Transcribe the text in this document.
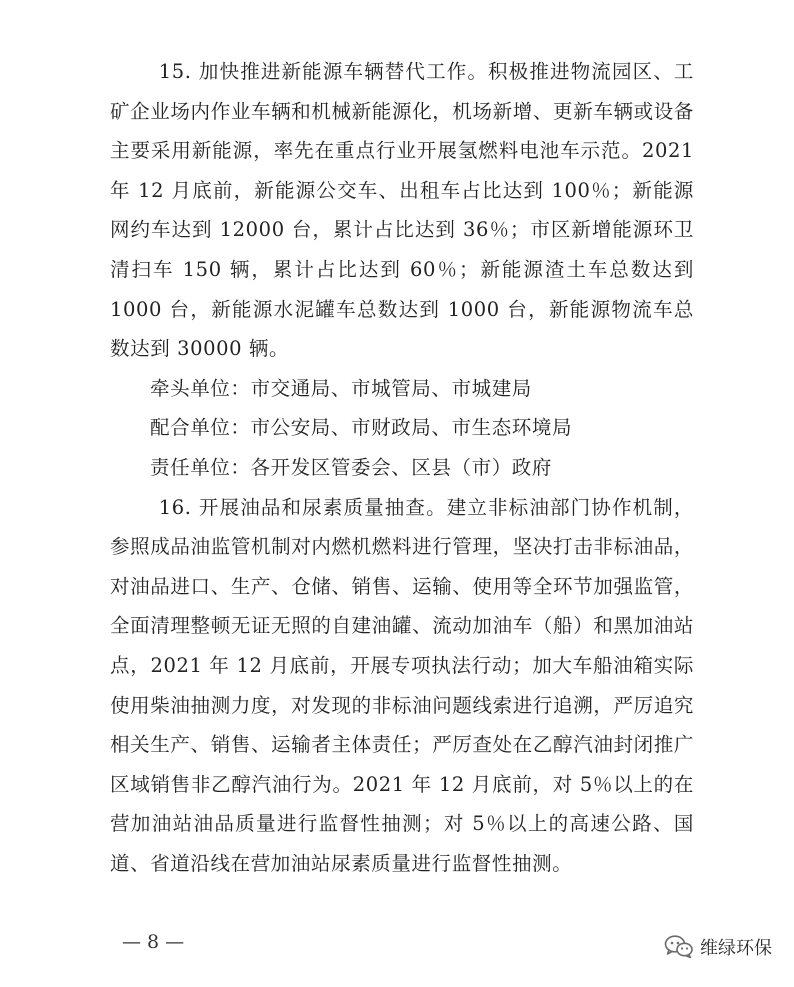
15. 加快推进新能源车辆替代工作。积极推进物流园区、工矿企业场内作业车辆和机械新能源化，机场新增、更新车辆或设备主要采用新能源，率先在重点行业开展氢燃料电池车示范。2021 年 12 月底前，新能源公交车、出租车占比达到 100％；新能源网约车达到 12000 台，累计占比达到 36％；市区新增能源环卫清扫车 150 辆，累计占比达到 60％；新能源渣土车总数达到 1000 台，新能源水泥罐车总数达到 1000 台，新能源物流车总数达到 30000 辆。

牵头单位：市交通局、市城管局、市城建局

配合单位：市公安局、市财政局、市生态环境局

责任单位：各开发区管委会、区县（市）政府

16. 开展油品和尿素质量抽查。建立非标油部门协作机制，参照成品油监管机制对内燃机燃料进行管理，坚决打击非标油品，对油品进口、生产、仓储、销售、运输、使用等全环节加强监管，全面清理整顿无证无照的自建油罐、流动加油车（船）和黑加油站点，2021 年 12 月底前，开展专项执法行动；加大车船油箱实际使用柴油抽测力度，对发现的非标油问题线索进行追溯，严厉追究相关生产、销售、运输者主体责任；严厉查处在乙醇汽油封闭推广区域销售非乙醇汽油行为。2021 年 12 月底前，对 5％以上的在营加油站油品质量进行监督性抽测；对 5％以上的高速公路、国道、省道沿线在营加油站尿素质量进行监督性抽测。

— 8 —	维绿环保
